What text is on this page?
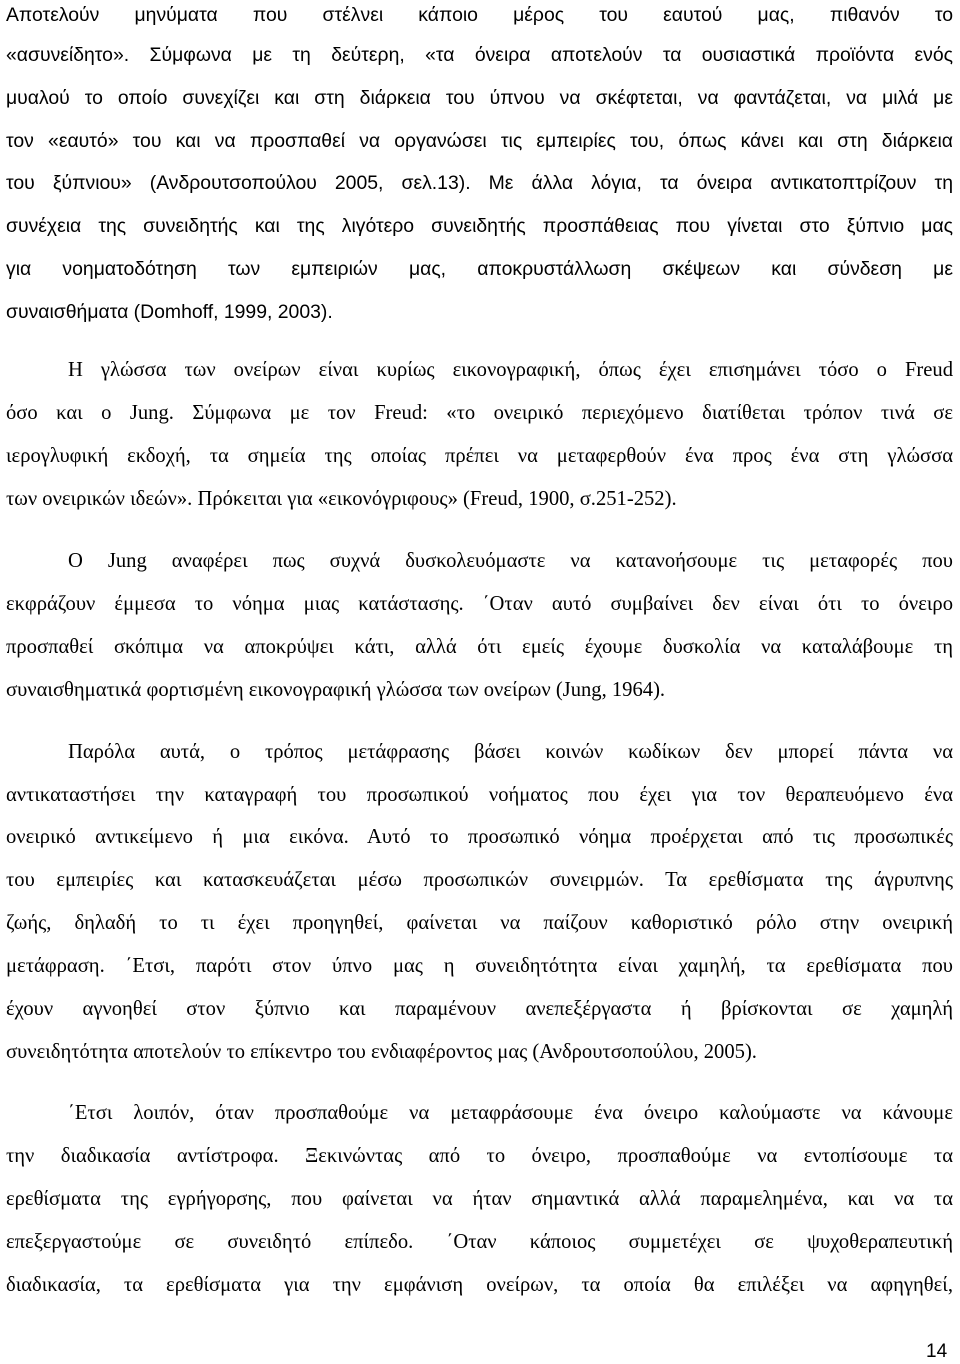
Αποτελούν μηνύματα που στέλνει κάποιο μέρος του εαυτού μας, πιθανόν το
«ασυνείδητο». Σύμφωνα με τη δεύτερη, «τα όνειρα αποτελούν τα ουσιαστικά προϊόντα ενός
μυαλού το οποίο συνεχίζει και στη διάρκεια του ύπνου να σκέφτεται, να φαντάζεται, να μιλά με
τον «εαυτό» του και να προσπαθεί να οργανώσει τις εμπειρίες του, όπως κάνει και στη διάρκεια
του ξύπνιου» (Ανδρουτσοπούλου 2005, σελ.13). Με άλλα λόγια, τα όνειρα αντικατοπτρίζουν τη
συνέχεια της συνειδητής και της λιγότερο συνειδητής προσπάθειας που γίνεται στο ξύπνιο μας
για νοηματοδότηση των εμπειριών μας, αποκρυστάλλωση σκέψεων και σύνδεση με
συναισθήματα (Domhoff, 1999, 2003).
Η γλώσσα των ονείρων είναι κυρίως εικονογραφική, όπως έχει επισημάνει τόσο ο Freud
όσο και ο Jung. Σύμφωνα με τον Freud: «το ονειρικό περιεχόμενο διατίθεται τρόπον τινά σε
ιερογλυφική εκδοχή, τα σημεία της οποίας πρέπει να μεταφερθούν ένα προς ένα στη γλώσσα
των ονειρικών ιδεών». Πρόκειται για «εικονόγριφους» (Freud, 1900, σ.251-252).
Ο Jung αναφέρει πως συχνά δυσκολευόμαστε να κατανοήσουμε τις μεταφορές που
εκφράζουν έμμεσα το νόημα μιας κατάστασης. ΄Οταν αυτό συμβαίνει δεν είναι ότι το όνειρο
προσπαθεί σκόπιμα να αποκρύψει κάτι, αλλά ότι εμείς έχουμε δυσκολία να καταλάβουμε τη
συναισθηματικά φορτισμένη εικονογραφική γλώσσα των ονείρων (Jung, 1964).
Παρόλα αυτά, ο τρόπος μετάφρασης βάσει κοινών κωδίκων δεν μπορεί πάντα να
αντικαταστήσει την καταγραφή του προσωπικού νοήματος που έχει για τον θεραπευόμενο ένα
ονειρικό αντικείμενο ή μια εικόνα. Αυτό το προσωπικό νόημα προέρχεται από τις προσωπικές
του εμπειρίες και κατασκευάζεται μέσω προσωπικών συνειρμών. Τα ερεθίσματα της άγρυπνης
ζωής, δηλαδή το τι έχει προηγηθεί, φαίνεται να παίζουν καθοριστικό ρόλο στην ονειρική
μετάφραση. ΄Ετσι, παρότι στον ύπνο μας η συνειδητότητα είναι χαμηλή, τα ερεθίσματα που
έχουν αγνοηθεί στον ξύπνιο και παραμένουν ανεπεξέργαστα ή βρίσκονται σε χαμηλή
συνειδητότητα αποτελούν το επίκεντρο του ενδιαφέροντος μας (Ανδρουτσοπούλου, 2005).
΄Ετσι λοιπόν, όταν προσπαθούμε να μεταφράσουμε ένα όνειρο καλούμαστε να κάνουμε
την διαδικασία αντίστροφα. Ξεκινώντας από το όνειρο, προσπαθούμε να εντοπίσουμε τα
ερεθίσματα της εγρήγορσης, που φαίνεται να ήταν σημαντικά αλλά παραμελημένα, και να τα
επεξεργαστούμε σε συνειδητό επίπεδο. ΄Οταν κάποιος συμμετέχει σε ψυχοθεραπευτική
διαδικασία, τα ερεθίσματα για την εμφάνιση ονείρων, τα οποία θα επιλέξει να αφηγηθεί,
14
